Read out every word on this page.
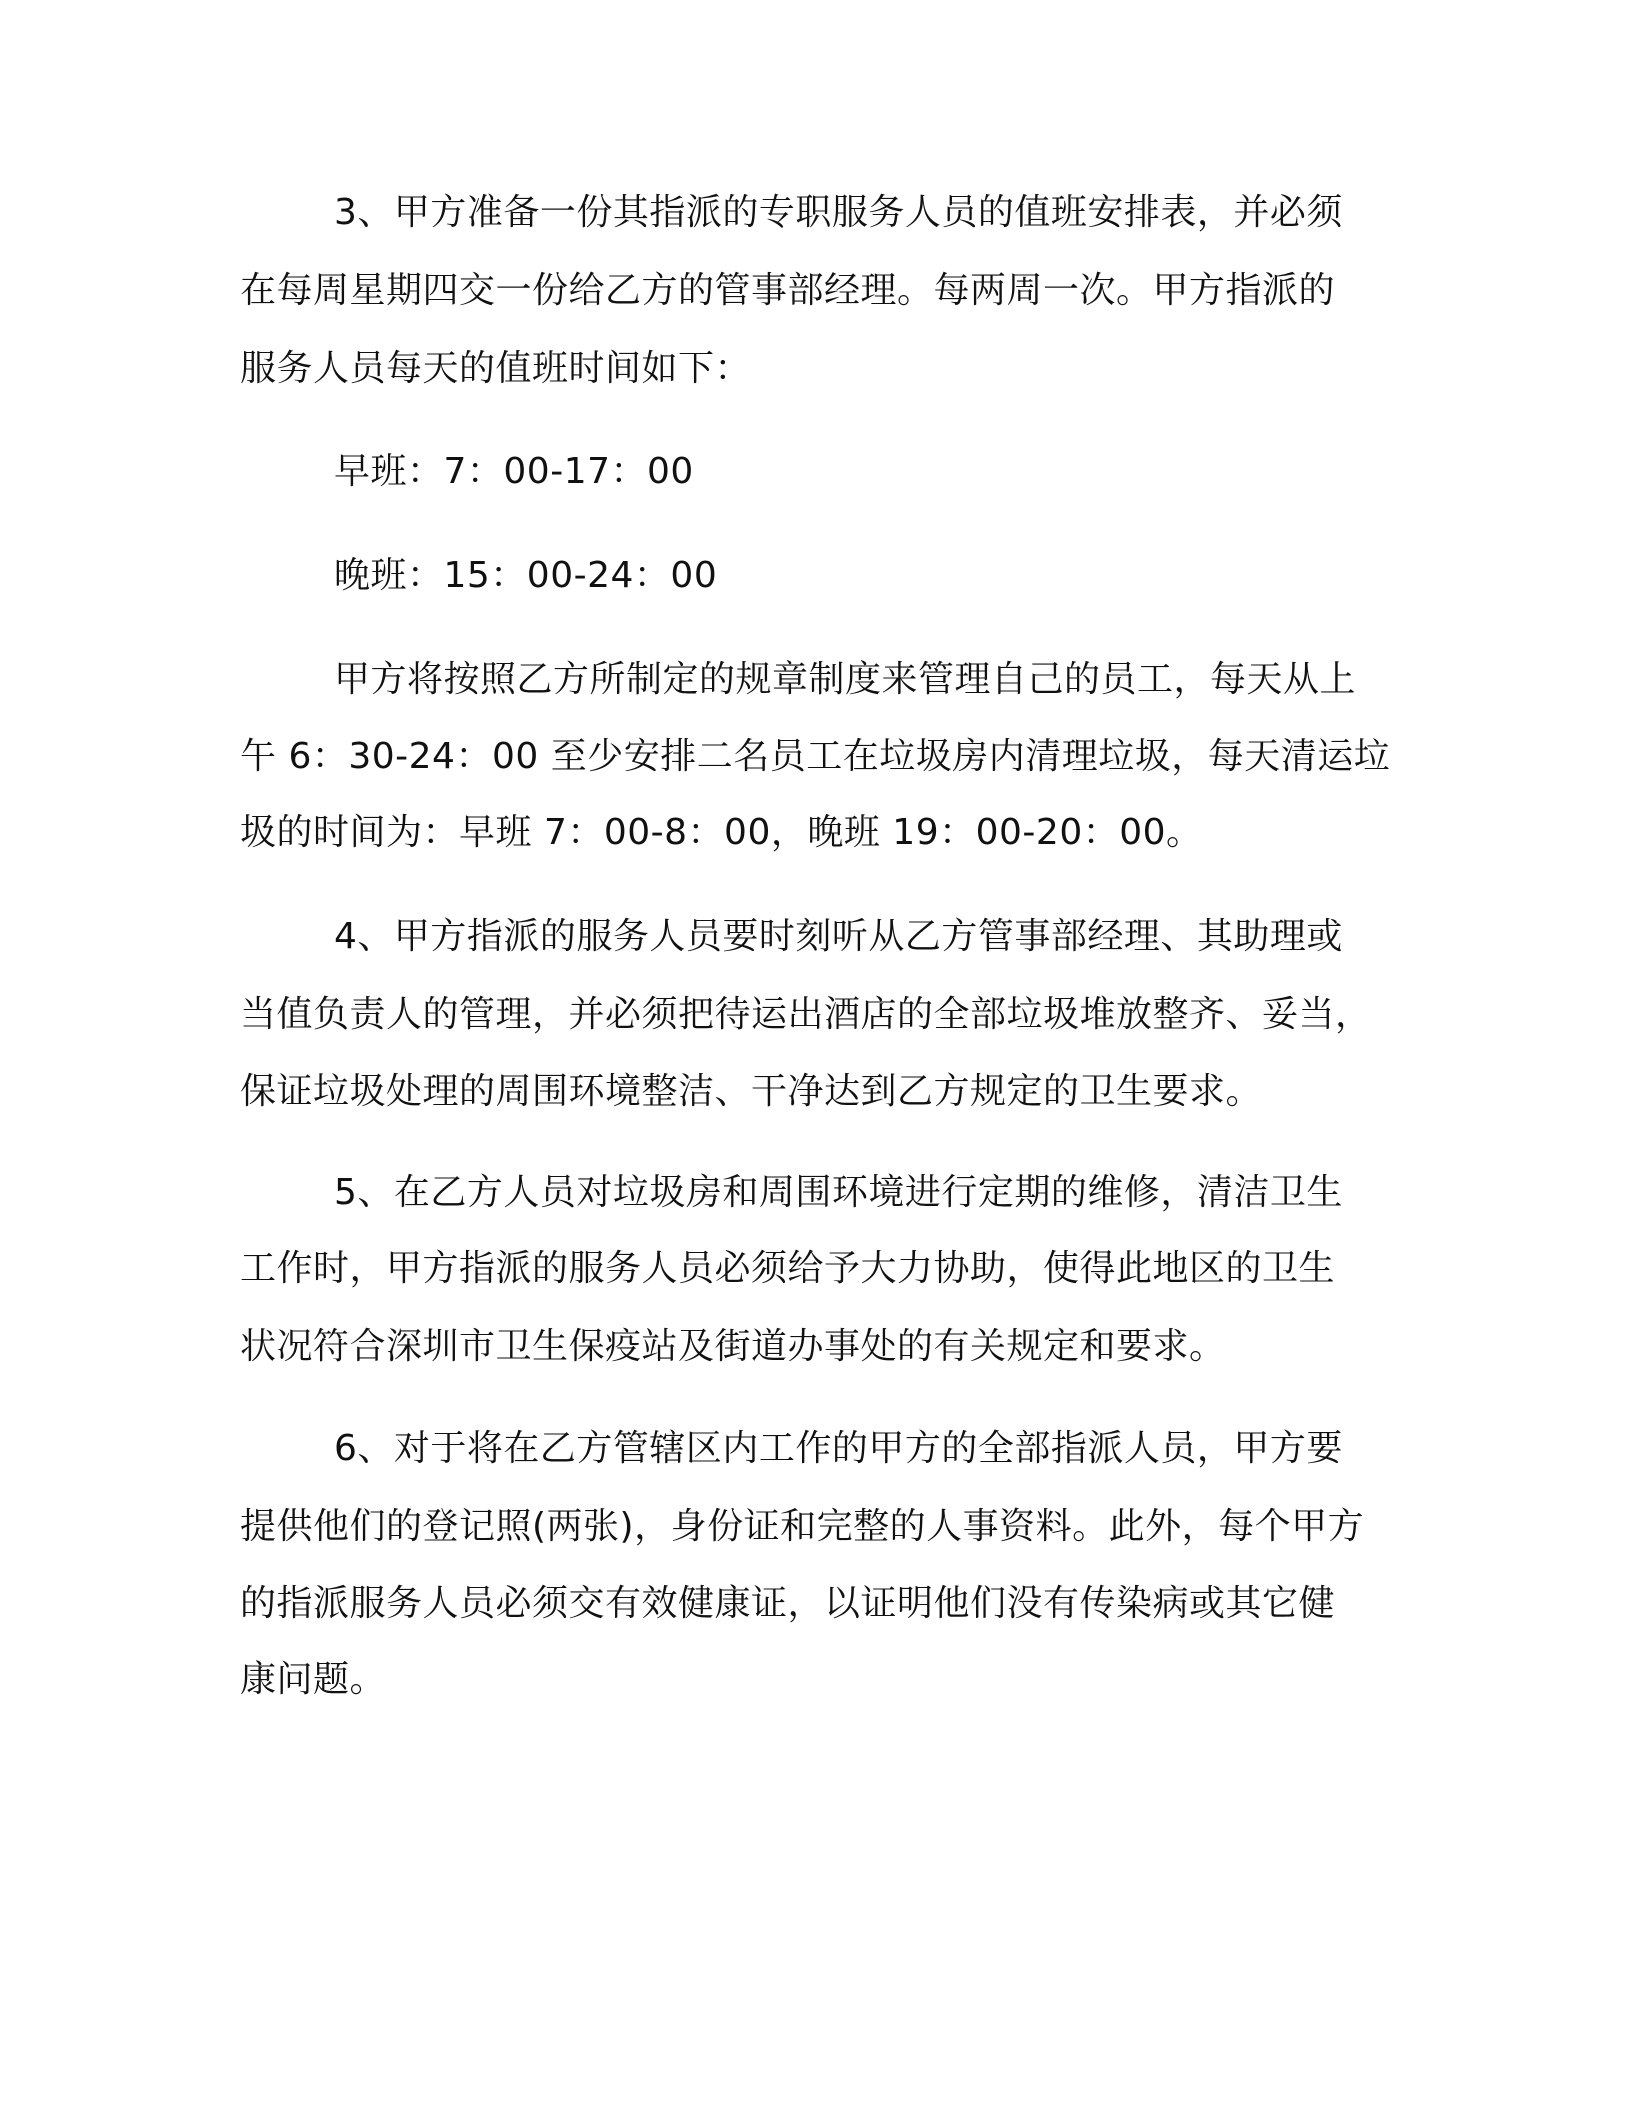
3、甲方准备一份其指派的专职服务人员的值班安排表，并必须
在每周星期四交一份给乙方的管事部经理。每两周一次。甲方指派的
服务人员每天的值班时间如下：
早班：7：00-17：00
晚班：15：00-24：00
甲方将按照乙方所制定的规章制度来管理自己的员工，每天从上
午 6：30-24：00 至少安排二名员工在垃圾房内清理垃圾，每天清运垃
圾的时间为：早班 7：00-8：00，晚班 19：00-20：00。
4、甲方指派的服务人员要时刻听从乙方管事部经理、其助理或
当值负责人的管理，并必须把待运出酒店的全部垃圾堆放整齐、妥当，
保证垃圾处理的周围环境整洁、干净达到乙方规定的卫生要求。
5、在乙方人员对垃圾房和周围环境进行定期的维修，清洁卫生
工作时，甲方指派的服务人员必须给予大力协助，使得此地区的卫生
状况符合深圳市卫生保疫站及街道办事处的有关规定和要求。
6、对于将在乙方管辖区内工作的甲方的全部指派人员，甲方要
提供他们的登记照(两张)，身份证和完整的人事资料。此外，每个甲方
的指派服务人员必须交有效健康证，以证明他们没有传染病或其它健
康问题。
